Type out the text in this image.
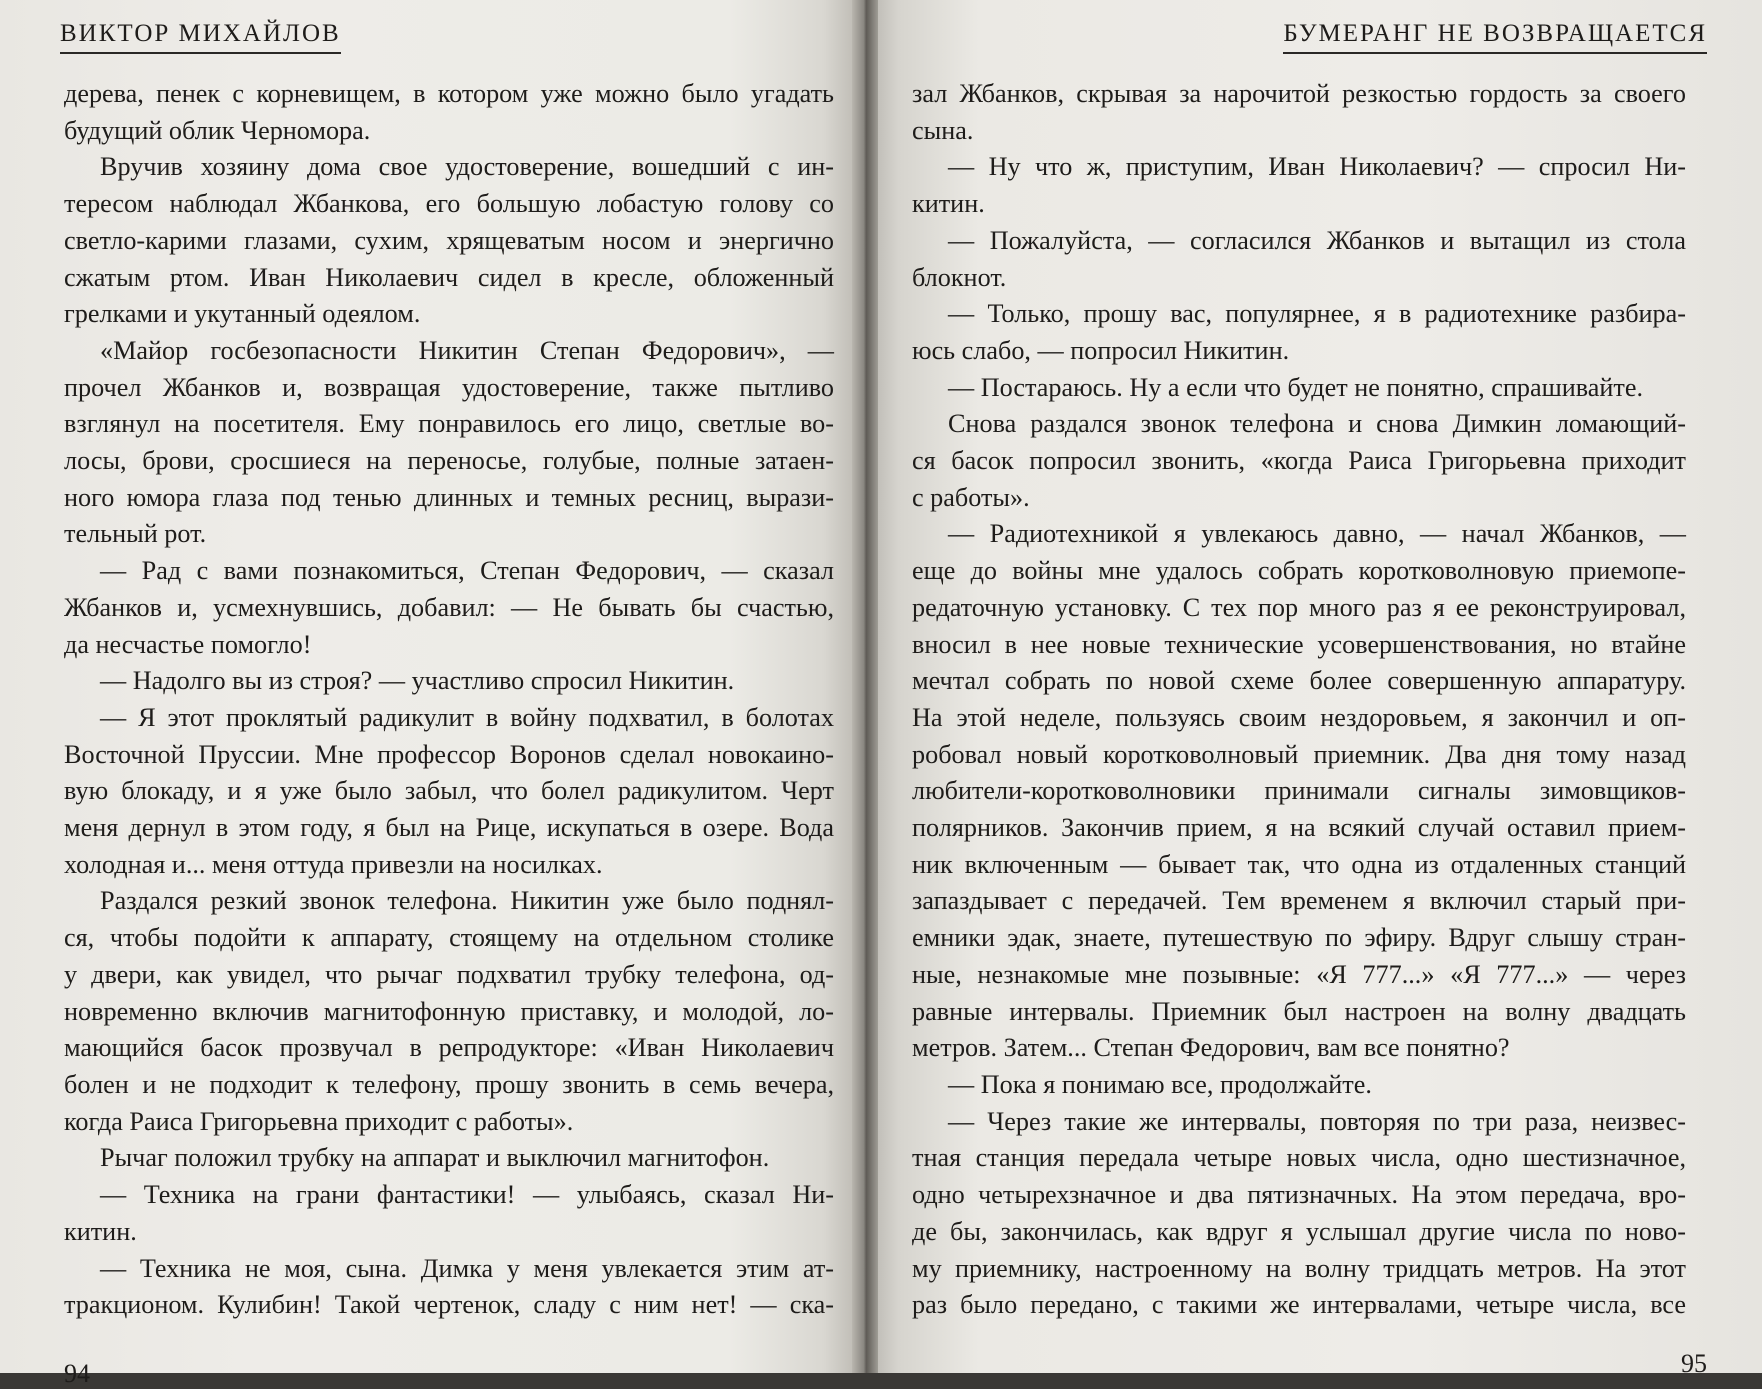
ВИКТОР МИХАЙЛОВ
дерева, пенек с корневищем, в котором уже можно было угадать
будущий облик Черномора.
Вручив хозяину дома свое удостоверение, вошедший с ин-
тересом наблюдал Жбанкова, его большую лобастую голову со
светло-карими глазами, сухим, хрящеватым носом и энергично
сжатым ртом. Иван Николаевич сидел в кресле, обложенный
грелками и укутанный одеялом.
«Майор госбезопасности Никитин Степан Федорович», —
прочел Жбанков и, возвращая удостоверение, также пытливо
взглянул на посетителя. Ему понравилось его лицо, светлые во-
лосы, брови, сросшиеся на переносье, голубые, полные затаен-
ного юмора глаза под тенью длинных и темных ресниц, вырази-
тельный рот.
— Рад с вами познакомиться, Степан Федорович, — сказал
Жбанков и, усмехнувшись, добавил: — Не бывать бы счастью,
да несчастье помогло!
— Надолго вы из строя? — участливо спросил Никитин.
— Я этот проклятый радикулит в войну подхватил, в болотах
Восточной Пруссии. Мне профессор Воронов сделал новокаино-
вую блокаду, и я уже было забыл, что болел радикулитом. Черт
меня дернул в этом году, я был на Рице, искупаться в озере. Вода
холодная и... меня оттуда привезли на носилках.
Раздался резкий звонок телефона. Никитин уже было поднял-
ся, чтобы подойти к аппарату, стоящему на отдельном столике
у двери, как увидел, что рычаг подхватил трубку телефона, од-
новременно включив магнитофонную приставку, и молодой, ло-
мающийся басок прозвучал в репродукторе: «Иван Николаевич
болен и не подходит к телефону, прошу звонить в семь вечера,
когда Раиса Григорьевна приходит с работы».
Рычаг положил трубку на аппарат и выключил магнитофон.
— Техника на грани фантастики! — улыбаясь, сказал Ни-
китин.
— Техника не моя, сына. Димка у меня увлекается этим ат-
тракционом. Кулибин! Такой чертенок, сладу с ним нет! — ска-
94
БУМЕРАНГ НЕ ВОЗВРАЩАЕТСЯ
зал Жбанков, скрывая за нарочитой резкостью гордость за своего
сына.
— Ну что ж, приступим, Иван Николаевич? — спросил Ни-
китин.
— Пожалуйста, — согласился Жбанков и вытащил из стола
блокнот.
— Только, прошу вас, популярнее, я в радиотехнике разбира-
юсь слабо, — попросил Никитин.
— Постараюсь. Ну а если что будет не понятно, спрашивайте.
Снова раздался звонок телефона и снова Димкин ломающий-
ся басок попросил звонить, «когда Раиса Григорьевна приходит
с работы».
— Радиотехникой я увлекаюсь давно, — начал Жбанков, —
еще до войны мне удалось собрать коротковолновую приемопе-
редаточную установку. С тех пор много раз я ее реконструировал,
вносил в нее новые технические усовершенствования, но втайне
мечтал собрать по новой схеме более совершенную аппаратуру.
На этой неделе, пользуясь своим нездоровьем, я закончил и оп-
робовал новый коротковолновый приемник. Два дня тому назад
любители-коротковолновики принимали сигналы зимовщиков-
полярников. Закончив прием, я на всякий случай оставил прием-
ник включенным — бывает так, что одна из отдаленных станций
запаздывает с передачей. Тем временем я включил старый при-
емники эдак, знаете, путешествую по эфиру. Вдруг слышу стран-
ные, незнакомые мне позывные: «Я 777...» «Я 777...» — через
равные интервалы. Приемник был настроен на волну двадцать
метров. Затем... Степан Федорович, вам все понятно?
— Пока я понимаю все, продолжайте.
— Через такие же интервалы, повторяя по три раза, неизвес-
тная станция передала четыре новых числа, одно шестизначное,
одно четырехзначное и два пятизначных. На этом передача, вро-
де бы, закончилась, как вдруг я услышал другие числа по ново-
му приемнику, настроенному на волну тридцать метров. На этот
раз было передано, с такими же интервалами, четыре числа, все
95
